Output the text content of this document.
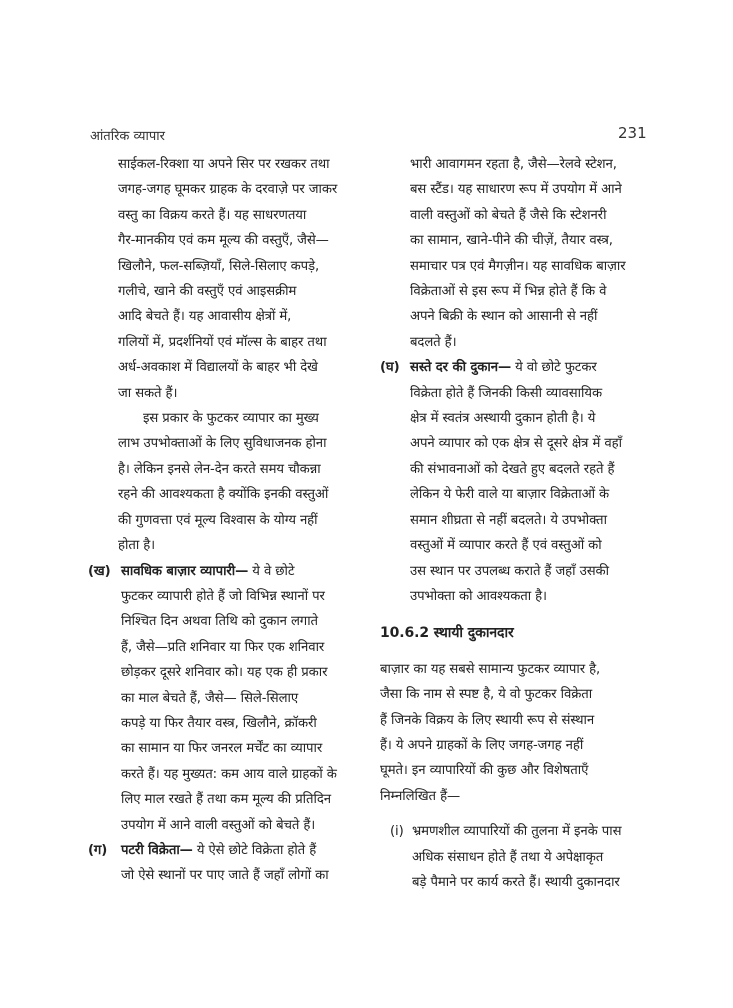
आंतरिक व्यापार	231

साईकल-रिक्शा या अपने सिर पर रखकर तथा

जगह-जगह घूमकर ग्राहक के दरवाज़े पर जाकर

वस्तु का विक्रय करते हैं। यह साधरणतया

गैर-मानकीय एवं कम मूल्य की वस्तुएँ, जैसे—

खिलौने, फल-सब्ज़ियाँ, सिले-सिलाए कपड़े,

गलीचे, खाने की वस्तुएँ एवं आइसक्रीम

आदि बेचते हैं। यह आवासीय क्षेत्रों में,

गलियों में, प्रदर्शनियों एवं मॉल्स के बाहर तथा

अर्ध-अवकाश में विद्यालयों के बाहर भी देखे

जा सकते हैं।

इस प्रकार के फुटकर व्यापार का मुख्य

लाभ उपभोक्ताओं के लिए सुविधाजनक होना

है। लेकिन इनसे लेन-देन करते समय चौकन्ना

रहने की आवश्यकता है क्योंकि इनकी वस्तुओं

की गुणवत्ता एवं मूल्य विश्वास के योग्य नहीं

होता है।

(ख) सावधिक बाज़ार व्यापारी— ये वे छोटे

फुटकर व्यापारी होते हैं जो विभिन्न स्थानों पर

निश्चित दिन अथवा तिथि को दुकान लगाते

हैं, जैसे—प्रति शनिवार या फिर एक शनिवार

छोड़कर दूसरे शनिवार को। यह एक ही प्रकार

का माल बेचते हैं, जैसे— सिले-सिलाए

कपड़े या फिर तैयार वस्त्र, खिलौने, क्रॉकरी

का सामान या फिर जनरल मर्चेंट का व्यापार

करते हैं। यह मुख्यत: कम आय वाले ग्राहकों के

लिए माल रखते हैं तथा कम मूल्य की प्रतिदिन

उपयोग में आने वाली वस्तुओं को बेचते हैं।

(ग) पटरी विक्रेता— ये ऐसे छोटे विक्रेता होते हैं

जो ऐसे स्थानों पर पाए जाते हैं जहाँ लोगों का

भारी आवागमन रहता है, जैसे—रेलवे स्टेशन,

बस स्टैंड। यह साधारण रूप में उपयोग में आने

वाली वस्तुओं को बेचते हैं जैसे कि स्टेशनरी

का सामान, खाने-पीने की चीज़ें, तैयार वस्त्र,

समाचार पत्र एवं मैगज़ीन। यह सावधिक बाज़ार

विक्रेताओं से इस रूप में भिन्न होते हैं कि वे

अपने बिक्री के स्थान को आसानी से नहीं

बदलते हैं।

(घ) सस्ते दर की दुकान— ये वो छोटे फुटकर

विक्रेता होते हैं जिनकी किसी व्यावसायिक

क्षेत्र में स्वतंत्र अस्थायी दुकान होती है। ये

अपने व्यापार को एक क्षेत्र से दूसरे क्षेत्र में वहाँ

की संभावनाओं को देखते हुए बदलते रहते हैं

लेकिन ये फेरी वाले या बाज़ार विक्रेताओं के

समान शीघ्रता से नहीं बदलते। ये उपभोक्ता

वस्तुओं में व्यापार करते हैं एवं वस्तुओं को

उस स्थान पर उपलब्ध कराते हैं जहाँ उसकी

उपभोक्ता को आवश्यकता है।

10.6.2 स्थायी दुकानदार

बाज़ार का यह सबसे सामान्य फुटकर व्यापार है,

जैसा कि नाम से स्पष्ट है, ये वो फुटकर विक्रेता

हैं जिनके विक्रय के लिए स्थायी रूप से संस्थान

हैं। ये अपने ग्राहकों के लिए जगह-जगह नहीं

घूमते। इन व्यापारियों की कुछ और विशेषताएँ

निम्नलिखित हैं—

(i) भ्रमणशील व्यापारियों की तुलना में इनके पास

अधिक संसाधन होते हैं तथा ये अपेक्षाकृत

बड़े पैमाने पर कार्य करते हैं। स्थायी दुकानदार
